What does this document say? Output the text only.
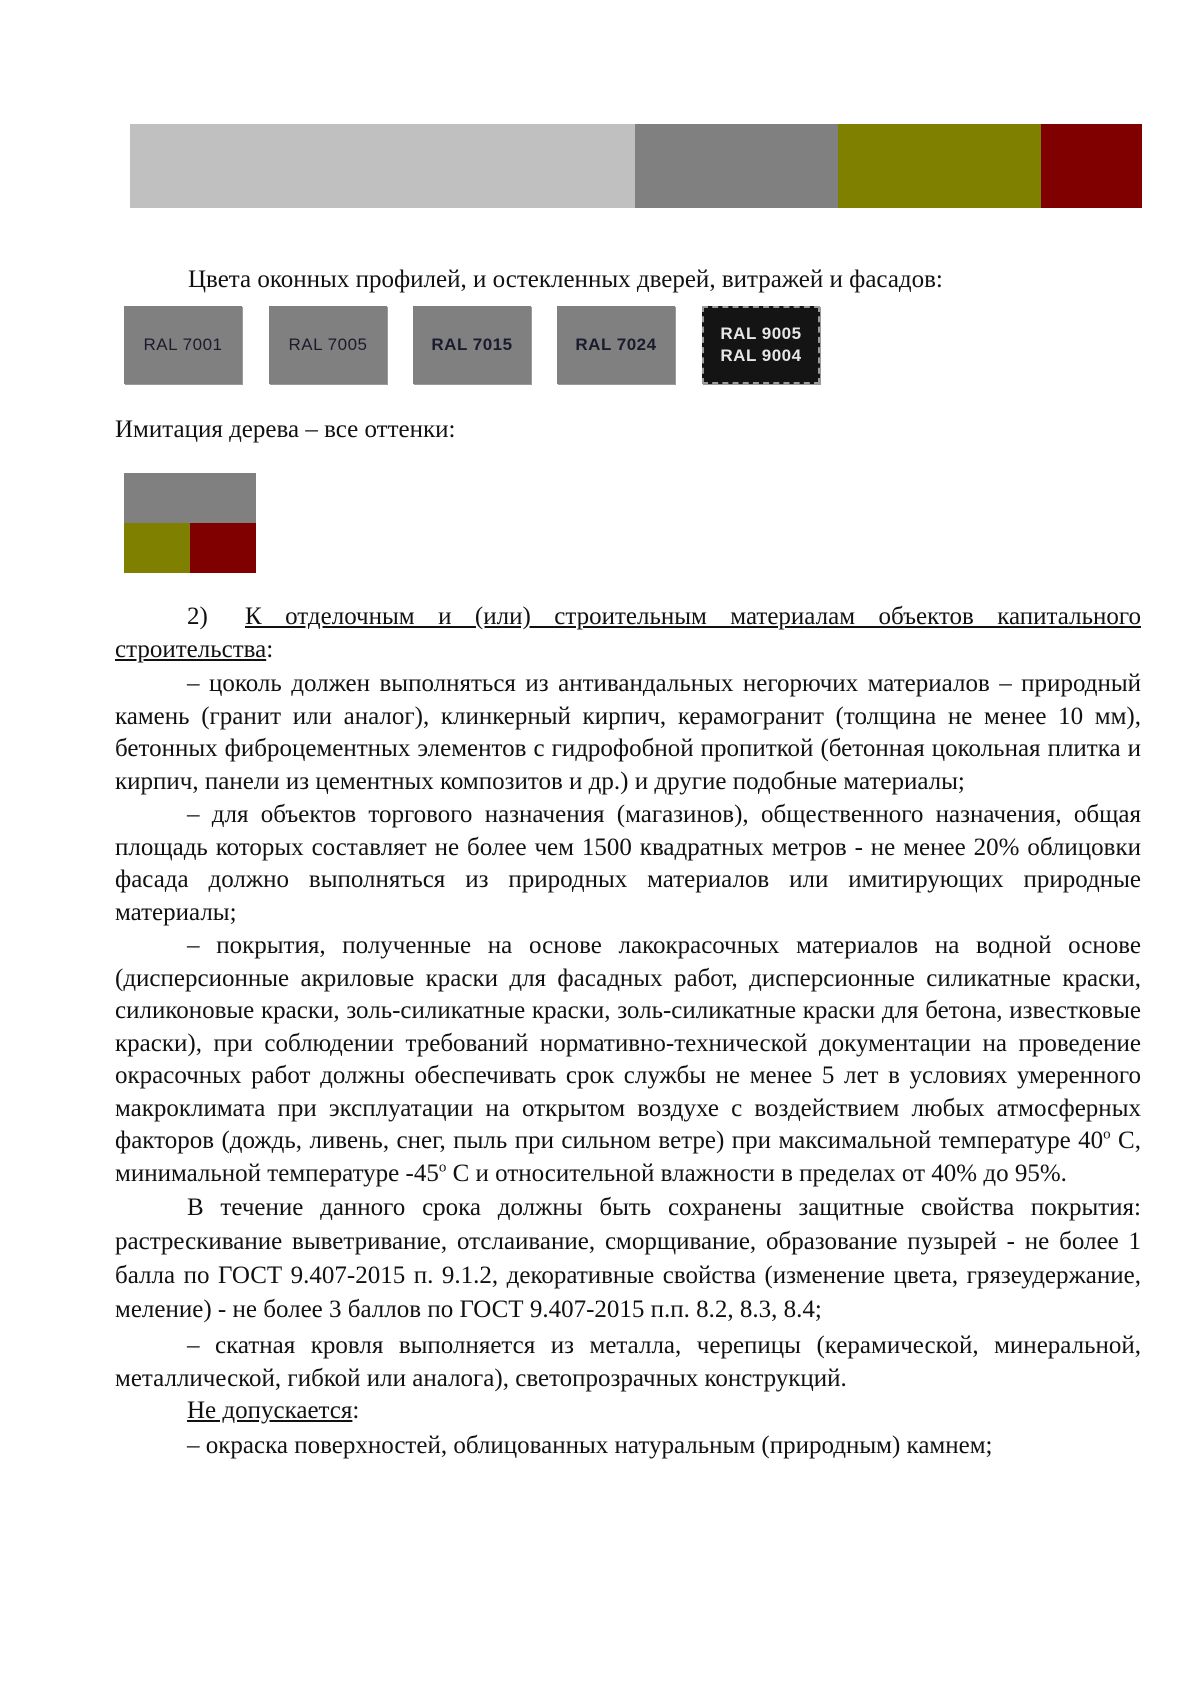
Цвета оконных профилей, и остекленных дверей, витражей и фасадов:
RAL 7001	RAL 7005	RAL 7015	RAL 7024
RAL 9005
RAL 9004
Имитация дерева – все оттенки:

2) К отделочным и (или) строительным материалам объектов капитального строительства:

– цоколь должен выполняться из антивандальных негорючих материалов – природный камень (гранит или аналог), клинкерный кирпич, керамогранит (толщина не менее 10 мм), бетонных фиброцементных элементов с гидрофобной пропиткой (бетонная цокольная плитка и кирпич, панели из цементных композитов и др.) и другие подобные материалы;

– для объектов торгового назначения (магазинов), общественного назначения, общая площадь которых составляет не более чем 1500 квадратных метров - не менее 20% облицовки фасада должно выполняться из природных материалов или имитирующих природные материалы;

– покрытия, полученные на основе лакокрасочных материалов на водной основе (дисперсионные акриловые краски для фасадных работ, дисперсионные силикатные краски, силиконовые краски, золь-силикатные краски, золь-силикатные краски для бетона, известковые краски), при соблюдении требований нормативно-технической документации на проведение окрасочных работ должны обеспечивать срок службы не менее 5 лет в условиях умеренного макроклимата при эксплуатации на открытом воздухе с воздействием любых атмосферных факторов (дождь, ливень, снег, пыль при сильном ветре) при максимальной температуре $40^о$ С, минимальной температуре $-45^о$ С и относительной влажности в пределах от 40% до 95%.

В течение данного срока должны быть сохранены защитные свойства покрытия: растрескивание выветривание, отслаивание, сморщивание, образование пузырей - не более 1 балла по ГОСТ 9.407-2015 п. 9.1.2, декоративные свойства (изменение цвета, грязеудержание, меление) - не более 3 баллов по ГОСТ 9.407-2015 п.п. 8.2, 8.3, 8.4;

– скатная кровля выполняется из металла, черепицы (керамической, минеральной, металлической, гибкой или аналога), светопрозрачных конструкций.

Не допускается:

– окраска поверхностей, облицованных натуральным (природным) камнем;
